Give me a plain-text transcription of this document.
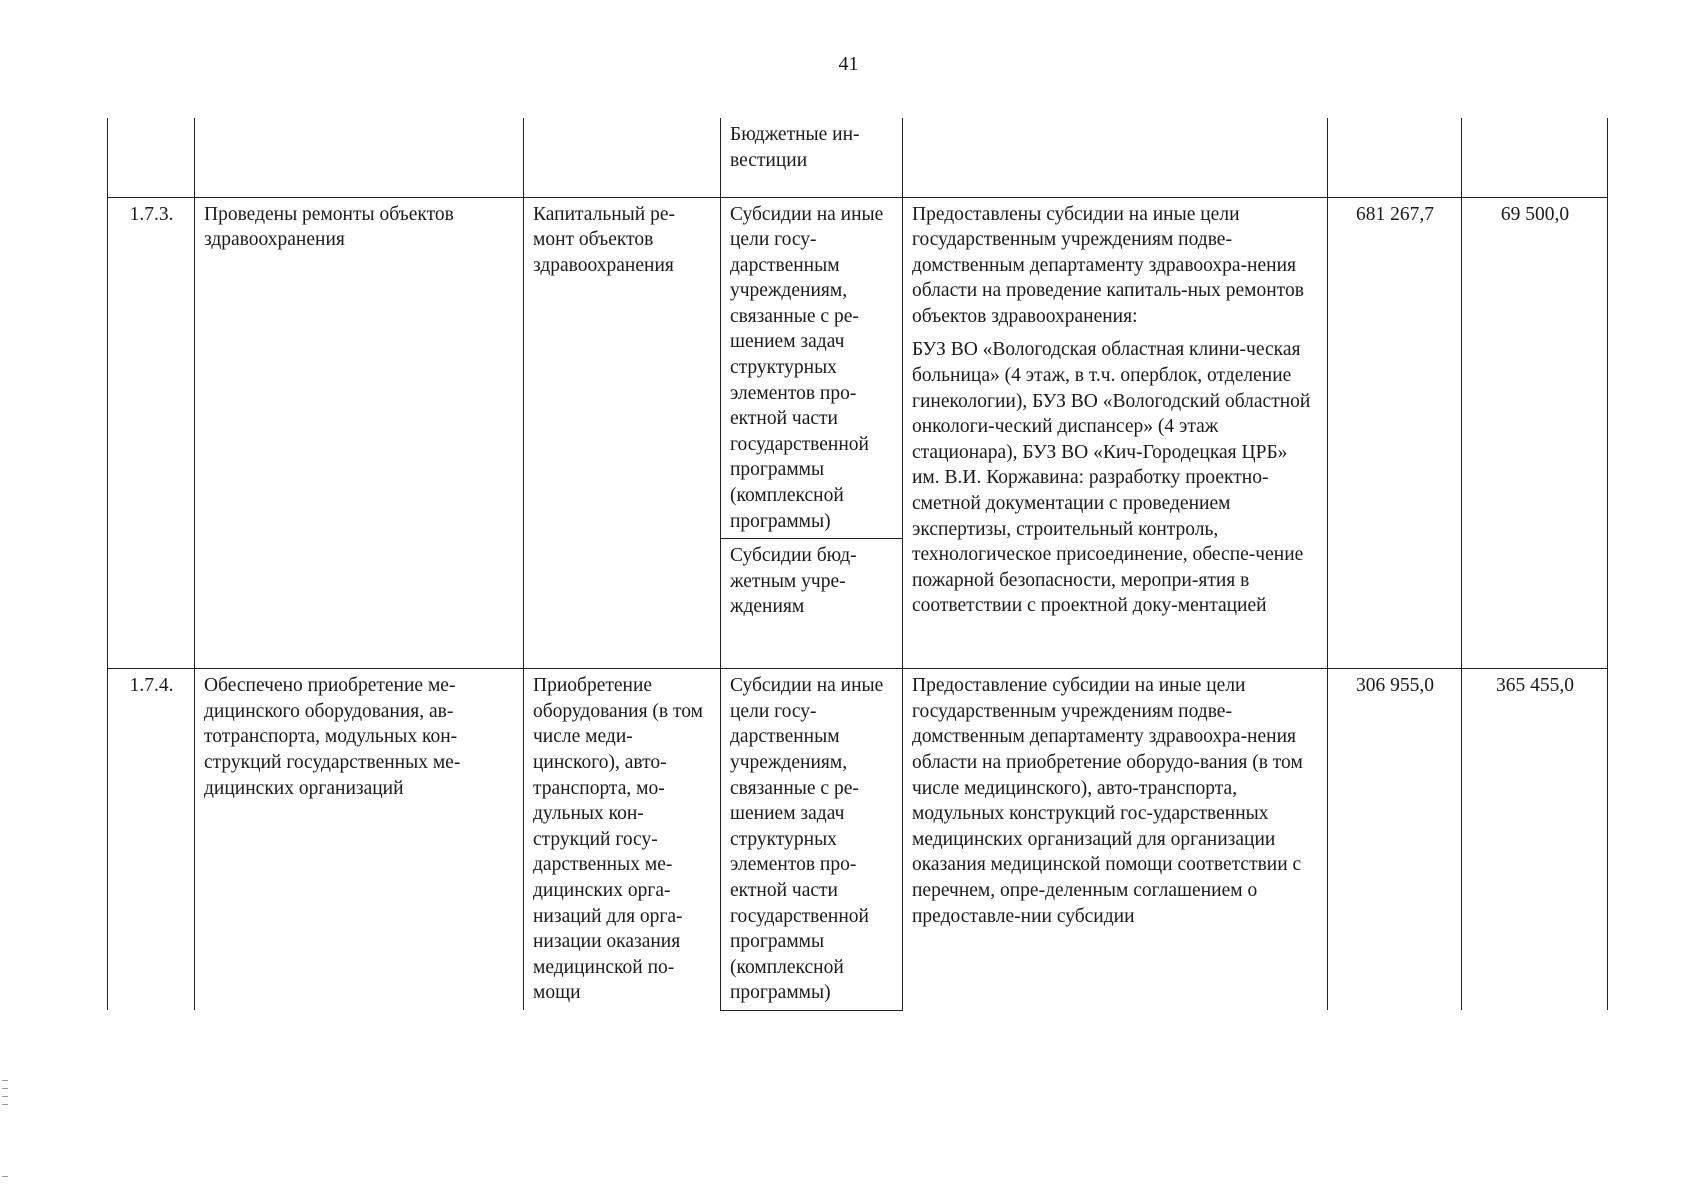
41
			Бюджетные ин-вестиции			
1.7.3.	Проведены ремонты объектов здравоохранения	Капитальный ре-монт объектов здравоохранения	Субсидии на иные цели госу-дарственным учреждениям, связанные с ре-шением задач структурных элементов про-ектной части государственной программы (комплексной программы)	Предоставлены субсидии на иные цели государственным учреждениям подве-домственным департаменту здравоохра-нения области на проведение капиталь-ных ремонтов объектов здравоохранения:

БУЗ ВО «Вологодская областная клини-ческая больница» (4 этаж, в т.ч. оперблок, отделение гинекологии), БУЗ ВО «Вологодский областной онкологи-ческий диспансер» (4 этаж стационара), БУЗ ВО «Кич-Городецкая ЦРБ» им. В.И. Коржавина: разработку проектно-сметной документации с проведением экспертизы, строительный контроль, технологическое присоединение, обеспе-чение пожарной безопасности, меропри-ятия в соответствии с проектной доку-ментацией	681 267,7	69 500,0
			Субсидии бюд-жетным учре-ждениям			
1.7.4.	Обеспечено приобретение ме-дицинского оборудования, ав-тотранспорта, модульных кон-струкций государственных ме-дицинских организаций	Приобретение оборудования (в том числе меди-цинского), авто-транспорта, мо-дульных кон-струкций госу-дарственных ме-дицинских орга-низаций для орга-низации оказания медицинской по-мощи	Субсидии на иные цели госу-дарственным учреждениям, связанные с ре-шением задач структурных элементов про-ектной части государственной программы (комплексной программы)	Предоставление субсидии на иные цели государственным учреждениям подве-домственным департаменту здравоохра-нения области на приобретение оборудо-вания (в том числе медицинского), авто-транспорта, модульных конструкций гос-ударственных медицинских организаций для организации оказания медицинской помощи соответствии с перечнем, опре-деленным соглашением о предоставле-нии субсидии	306 955,0	365 455,0
